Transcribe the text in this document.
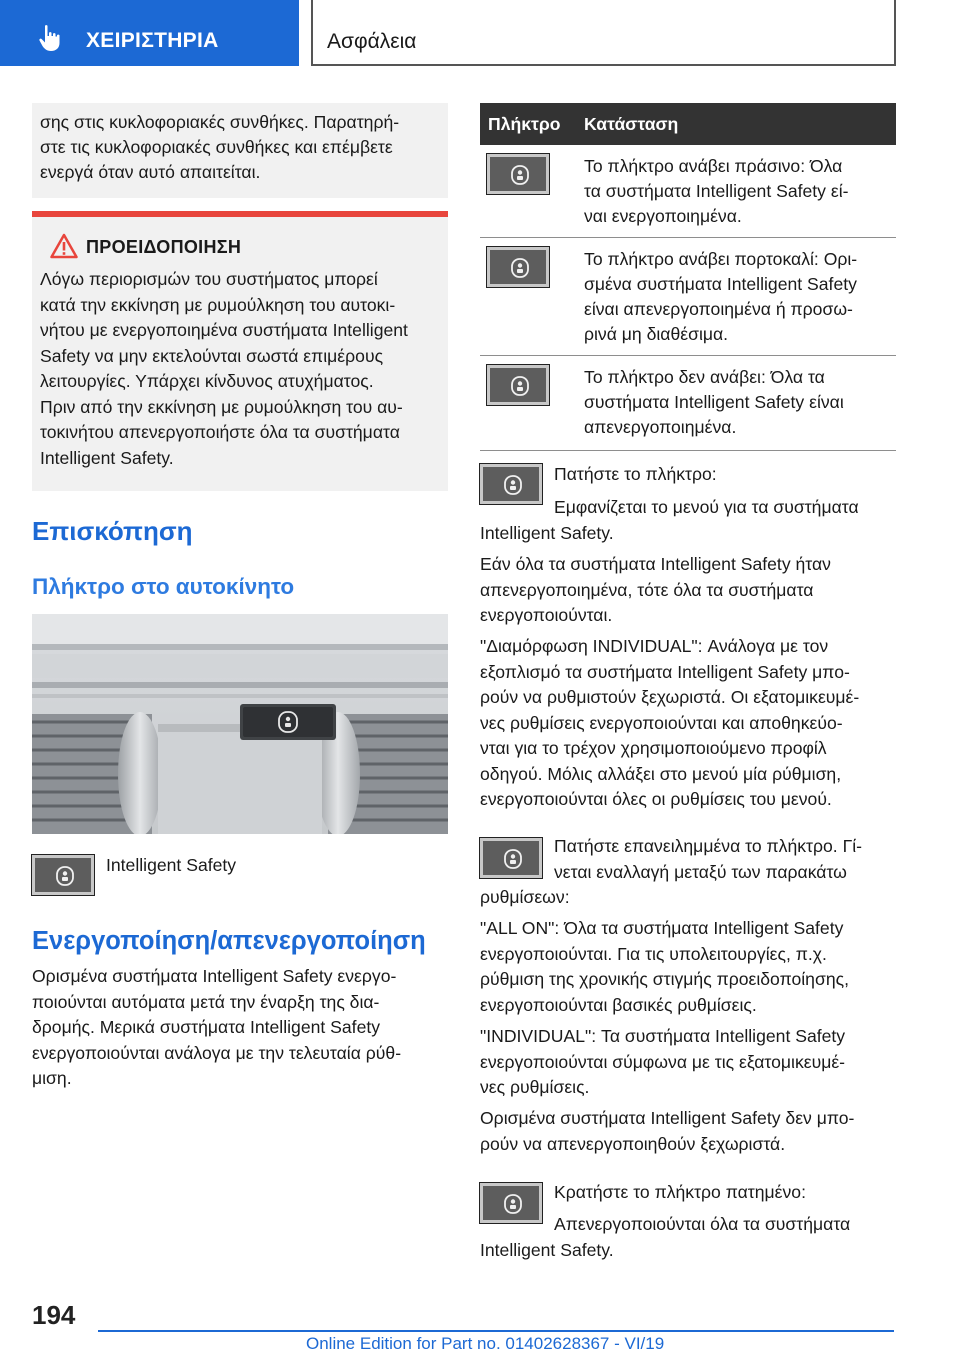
ΧΕΙΡΙΣΤΗΡΙΑ	Ασφάλεια
σης στις κυκλοφοριακές συνθήκες. Παρατηρή-
στε τις κυκλοφοριακές συνθήκες και επέμβετε
ενεργά όταν αυτό απαιτείται.
ΠΡΟΕΙΔΟΠΟΙΗΣΗ
Λόγω περιορισμών του συστήματος μπορεί
κατά την εκκίνηση με ρυμούλκηση του αυτοκι-
νήτου με ενεργοποιημένα συστήματα Intelligent
Safety να μην εκτελούνται σωστά επιμέρους
λειτουργίες. Υπάρχει κίνδυνος ατυχήματος.
Πριν από την εκκίνηση με ρυμούλκηση του αυ-
τοκινήτου απενεργοποιήστε όλα τα συστήματα
Intelligent Safety.
Επισκόπηση
Πλήκτρο στο αυτοκίνητο
Intelligent Safety
Ενεργοποίηση/απενεργοποίηση
Ορισμένα συστήματα Intelligent Safety ενεργο-
ποιούνται αυτόματα μετά την έναρξη της δια-
δρομής. Μερικά συστήματα Intelligent Safety
ενεργοποιούνται ανάλογα με την τελευταία ρύθ-
μιση.
Πλήκτρο Κατάσταση
Το πλήκτρο ανάβει πράσινο: Όλα
τα συστήματα Intelligent Safety εί-
ναι ενεργοποιημένα.
Το πλήκτρο ανάβει πορτοκαλί: Ορι-
σμένα συστήματα Intelligent Safety
είναι απενεργοποιημένα ή προσω-
ρινά μη διαθέσιμα.
Το πλήκτρο δεν ανάβει: Όλα τα
συστήματα Intelligent Safety είναι
απενεργοποιημένα.
Πατήστε το πλήκτρο:
Εμφανίζεται το μενού για τα συστήματα
Intelligent Safety.
Εάν όλα τα συστήματα Intelligent Safety ήταν
απενεργοποιημένα, τότε όλα τα συστήματα
ενεργοποιούνται.
"Διαμόρφωση INDIVIDUAL": Ανάλογα με τον
εξοπλισμό τα συστήματα Intelligent Safety μπο-
ρούν να ρυθμιστούν ξεχωριστά. Οι εξατομικευμέ-
νες ρυθμίσεις ενεργοποιούνται και αποθηκεύο-
νται για το τρέχον χρησιμοποιούμενο προφίλ
οδηγού. Μόλις αλλάξει στο μενού μία ρύθμιση,
ενεργοποιούνται όλες οι ρυθμίσεις του μενού.
Πατήστε επανειλημμένα το πλήκτρο. Γί-
νεται εναλλαγή μεταξύ των παρακάτω
ρυθμίσεων:
"ALL ON": Όλα τα συστήματα Intelligent Safety
ενεργοποιούνται. Για τις υπολειτουργίες, π.χ.
ρύθμιση της χρονικής στιγμής προειδοποίησης,
ενεργοποιούνται βασικές ρυθμίσεις.
"INDIVIDUAL": Τα συστήματα Intelligent Safety
ενεργοποιούνται σύμφωνα με τις εξατομικευμέ-
νες ρυθμίσεις.
Ορισμένα συστήματα Intelligent Safety δεν μπο-
ρούν να απενεργοποιηθούν ξεχωριστά.
Κρατήστε το πλήκτρο πατημένο:
Απενεργοποιούνται όλα τα συστήματα
Intelligent Safety.
194
Online Edition for Part no. 01402628367 - VI/19
